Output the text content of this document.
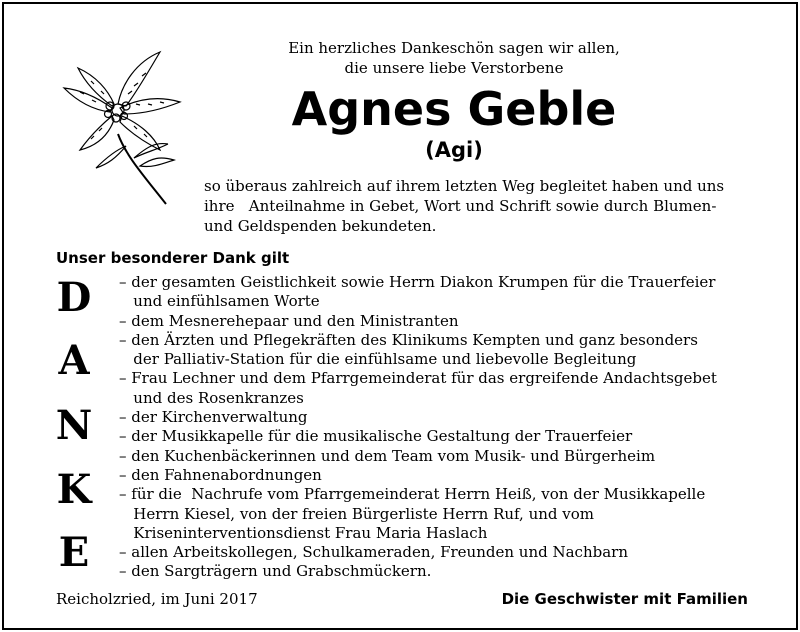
Ein herzliches Dankeschön sagen wir allen,
die unsere liebe Verstorbene
Agnes Geble
(Agi)
so überaus zahlreich auf ihrem letzten Weg begleitet haben und uns
ihre   Anteilnahme in Gebet, Wort und Schrift sowie durch Blumen-
und Geldspenden bekundeten.
Unser besonderer Dank gilt
D
A
N
K
E
– der gesamten Geistlichkeit sowie Herrn Diakon Krumpen für die Trauerfeier
und einfühlsamen Worte
– dem Mesnerehepaar und den Ministranten
– den Ärzten und Pflegekräften des Klinikums Kempten und ganz besonders
der Palliativ-Station für die einfühlsame und liebevolle Begleitung
– Frau Lechner und dem Pfarrgemeinderat für das ergreifende Andachtsgebet
und des Rosenkranzes
– der Kirchenverwaltung
– der Musikkapelle für die musikalische Gestaltung der Trauerfeier
– den Kuchenbäckerinnen und dem Team vom Musik- und Bürgerheim
– den Fahnenabordnungen
– für die  Nachrufe vom Pfarrgemeinderat Herrn Heiß, von der Musikkapelle
Herrn Kiesel, von der freien Bürgerliste Herrn Ruf, und vom
Kriseninterventionsdienst Frau Maria Haslach
– allen Arbeitskollegen, Schulkameraden, Freunden und Nachbarn
– den Sargträgern und Grabschmückern.
Reicholzried, im Juni 2017	Die Geschwister mit Familien
